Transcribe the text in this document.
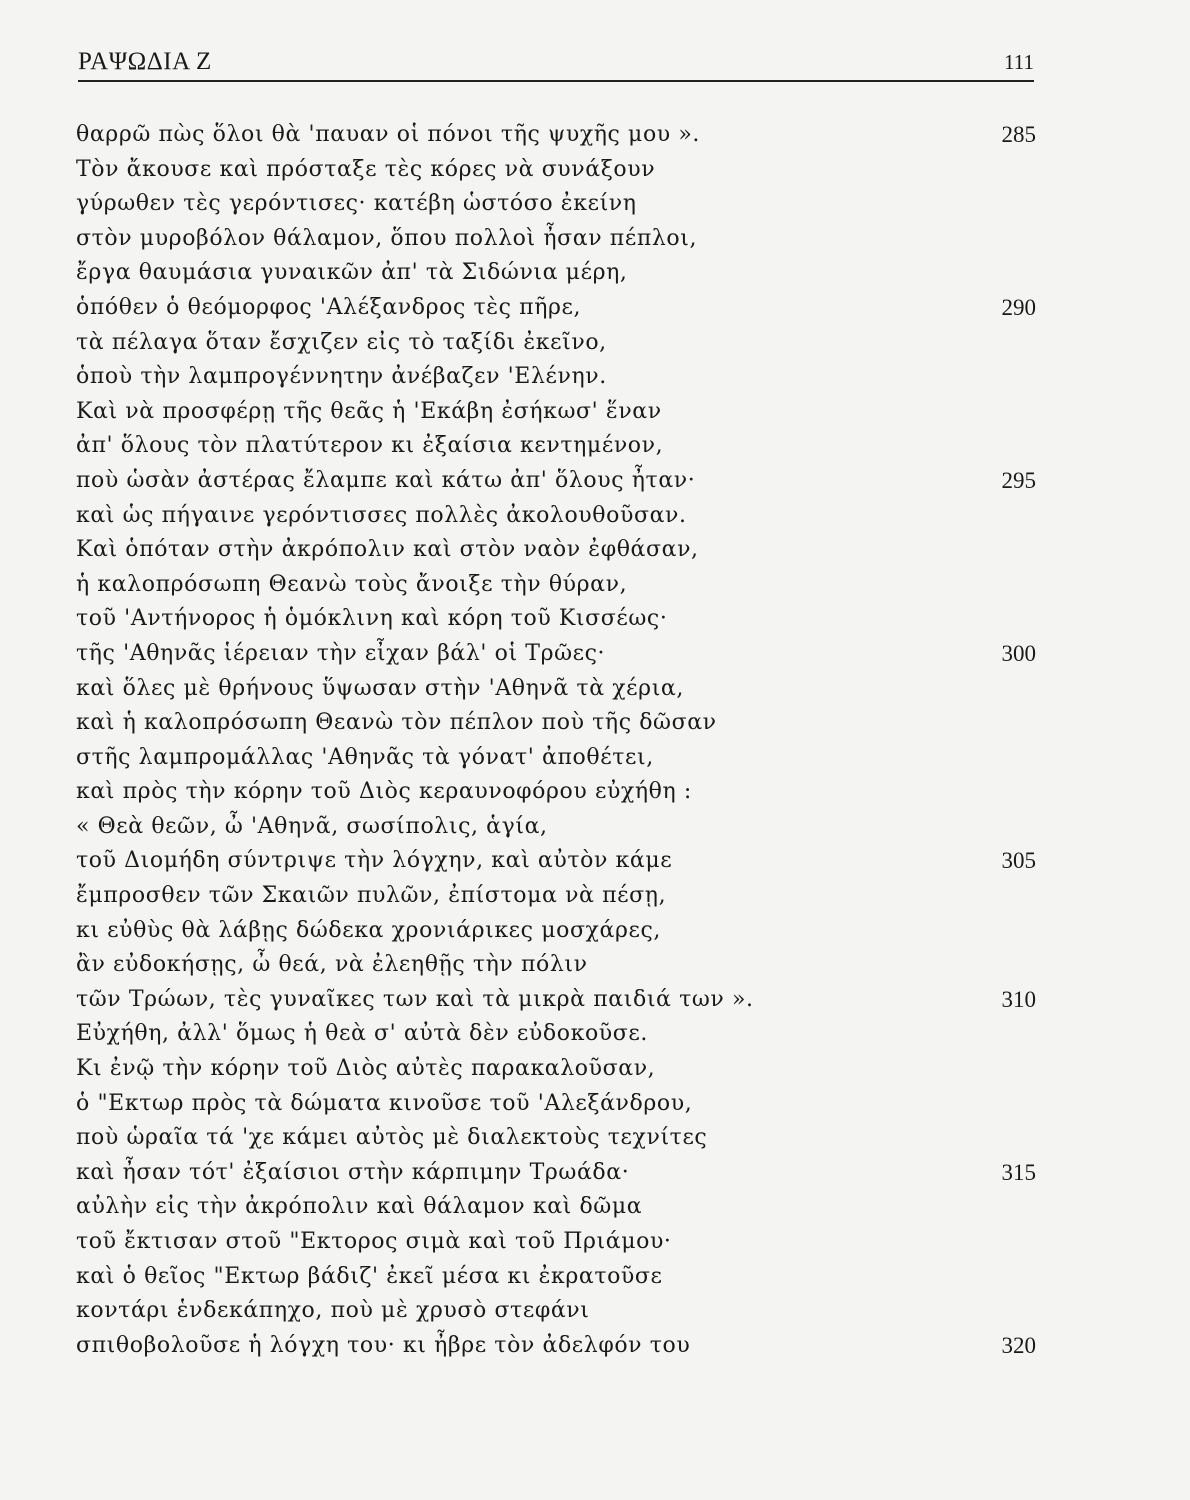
ΡΑΨΩΔΙΑ Ζ	111
θαρρῶ πὼς ὅλοι θὰ 'παυαν οἱ πόνοι τῆς ψυχῆς μου ».	285
Τὸν ἄκουσε καὶ πρόσταξε τὲς κόρες νὰ συνάξουν
γύρωθεν τὲς γερόντισες· κατέβη ὡστόσο ἐκείνη
στὸν μυροβόλον θάλαμον, ὅπου πολλοὶ ἦσαν πέπλοι,
ἔργα θαυμάσια γυναικῶν ἀπ' τὰ Σιδώνια μέρη,
ὁπόθεν ὁ θεόμορφος 'Αλέξανδρος τὲς πῆρε,	290
τὰ πέλαγα ὅταν ἔσχιζεν εἰς τὸ ταξίδι ἐκεῖνο,
ὁποὺ τὴν λαμπρογέννητην ἀνέβαζεν 'Ελένην.
Καὶ νὰ προσφέρῃ τῆς θεᾶς ἡ 'Εκάβη ἐσήκωσ' ἕναν
ἀπ' ὅλους τὸν πλατύτερον κι ἐξαίσια κεντημένον,
ποὺ ὡσὰν ἀστέρας ἔλαμπε καὶ κάτω ἀπ' ὅλους ἦταν·	295
καὶ ὡς πήγαινε γερόντισσες πολλὲς ἀκολουθοῦσαν.
Καὶ ὁπόταν στὴν ἀκρόπολιν καὶ στὸν ναὸν ἐφθάσαν,
ἡ καλοπρόσωπη Θεανὼ τοὺς ἄνοιξε τὴν θύραν,
τοῦ 'Αντήνορος ἡ ὁμόκλινη καὶ κόρη τοῦ Κισσέως·
τῆς 'Αθηνᾶς ἱέρειαν τὴν εἶχαν βάλ' οἱ Τρῶες·	300
καὶ ὅλες μὲ θρήνους ὕψωσαν στὴν 'Αθηνᾶ τὰ χέρια,
καὶ ἡ καλοπρόσωπη Θεανὼ τὸν πέπλον ποὺ τῆς δῶσαν
στῆς λαμπρομάλλας 'Αθηνᾶς τὰ γόνατ' ἀποθέτει,
καὶ πρὸς τὴν κόρην τοῦ Διὸς κεραυνοφόρου εὐχήθη :
« Θεὰ θεῶν, ὦ 'Αθηνᾶ, σωσίπολις, ἁγία,
τοῦ Διομήδη σύντριψε τὴν λόγχην, καὶ αὐτὸν κάμε	305
ἔμπροσθεν τῶν Σκαιῶν πυλῶν, ἐπίστομα νὰ πέσῃ,
κι εὐθὺς θὰ λάβῃς δώδεκα χρονιάρικες μοσχάρες,
ἂν εὐδοκήσῃς, ὦ θεά, νὰ ἐλεηθῇς τὴν πόλιν
τῶν Τρώων, τὲς γυναῖκες των καὶ τὰ μικρὰ παιδιά των ».	310
Εὐχήθη, ἀλλ' ὅμως ἡ θεὰ σ' αὐτὰ δὲν εὐδοκοῦσε.
Κι ἐνῷ τὴν κόρην τοῦ Διὸς αὐτὲς παρακαλοῦσαν,
ὁ "Εκτωρ πρὸς τὰ δώματα κινοῦσε τοῦ 'Αλεξάνδρου,
ποὺ ὡραῖα τά 'χε κάμει αὐτὸς μὲ διαλεκτοὺς τεχνίτες
καὶ ἦσαν τότ' ἐξαίσιοι στὴν κάρπιμην Τρωάδα·	315
αὐλὴν εἰς τὴν ἀκρόπολιν καὶ θάλαμον καὶ δῶμα
τοῦ ἔκτισαν στοῦ "Εκτορος σιμὰ καὶ τοῦ Πριάμου·
καὶ ὁ θεῖος "Εκτωρ βάδιζ' ἐκεῖ μέσα κι ἐκρατοῦσε
κοντάρι ἑνδεκάπηχο, ποὺ μὲ χρυσὸ στεφάνι
σπιθοβολοῦσε ἡ λόγχη του· κι ἦβρε τὸν ἀδελφόν του	320
